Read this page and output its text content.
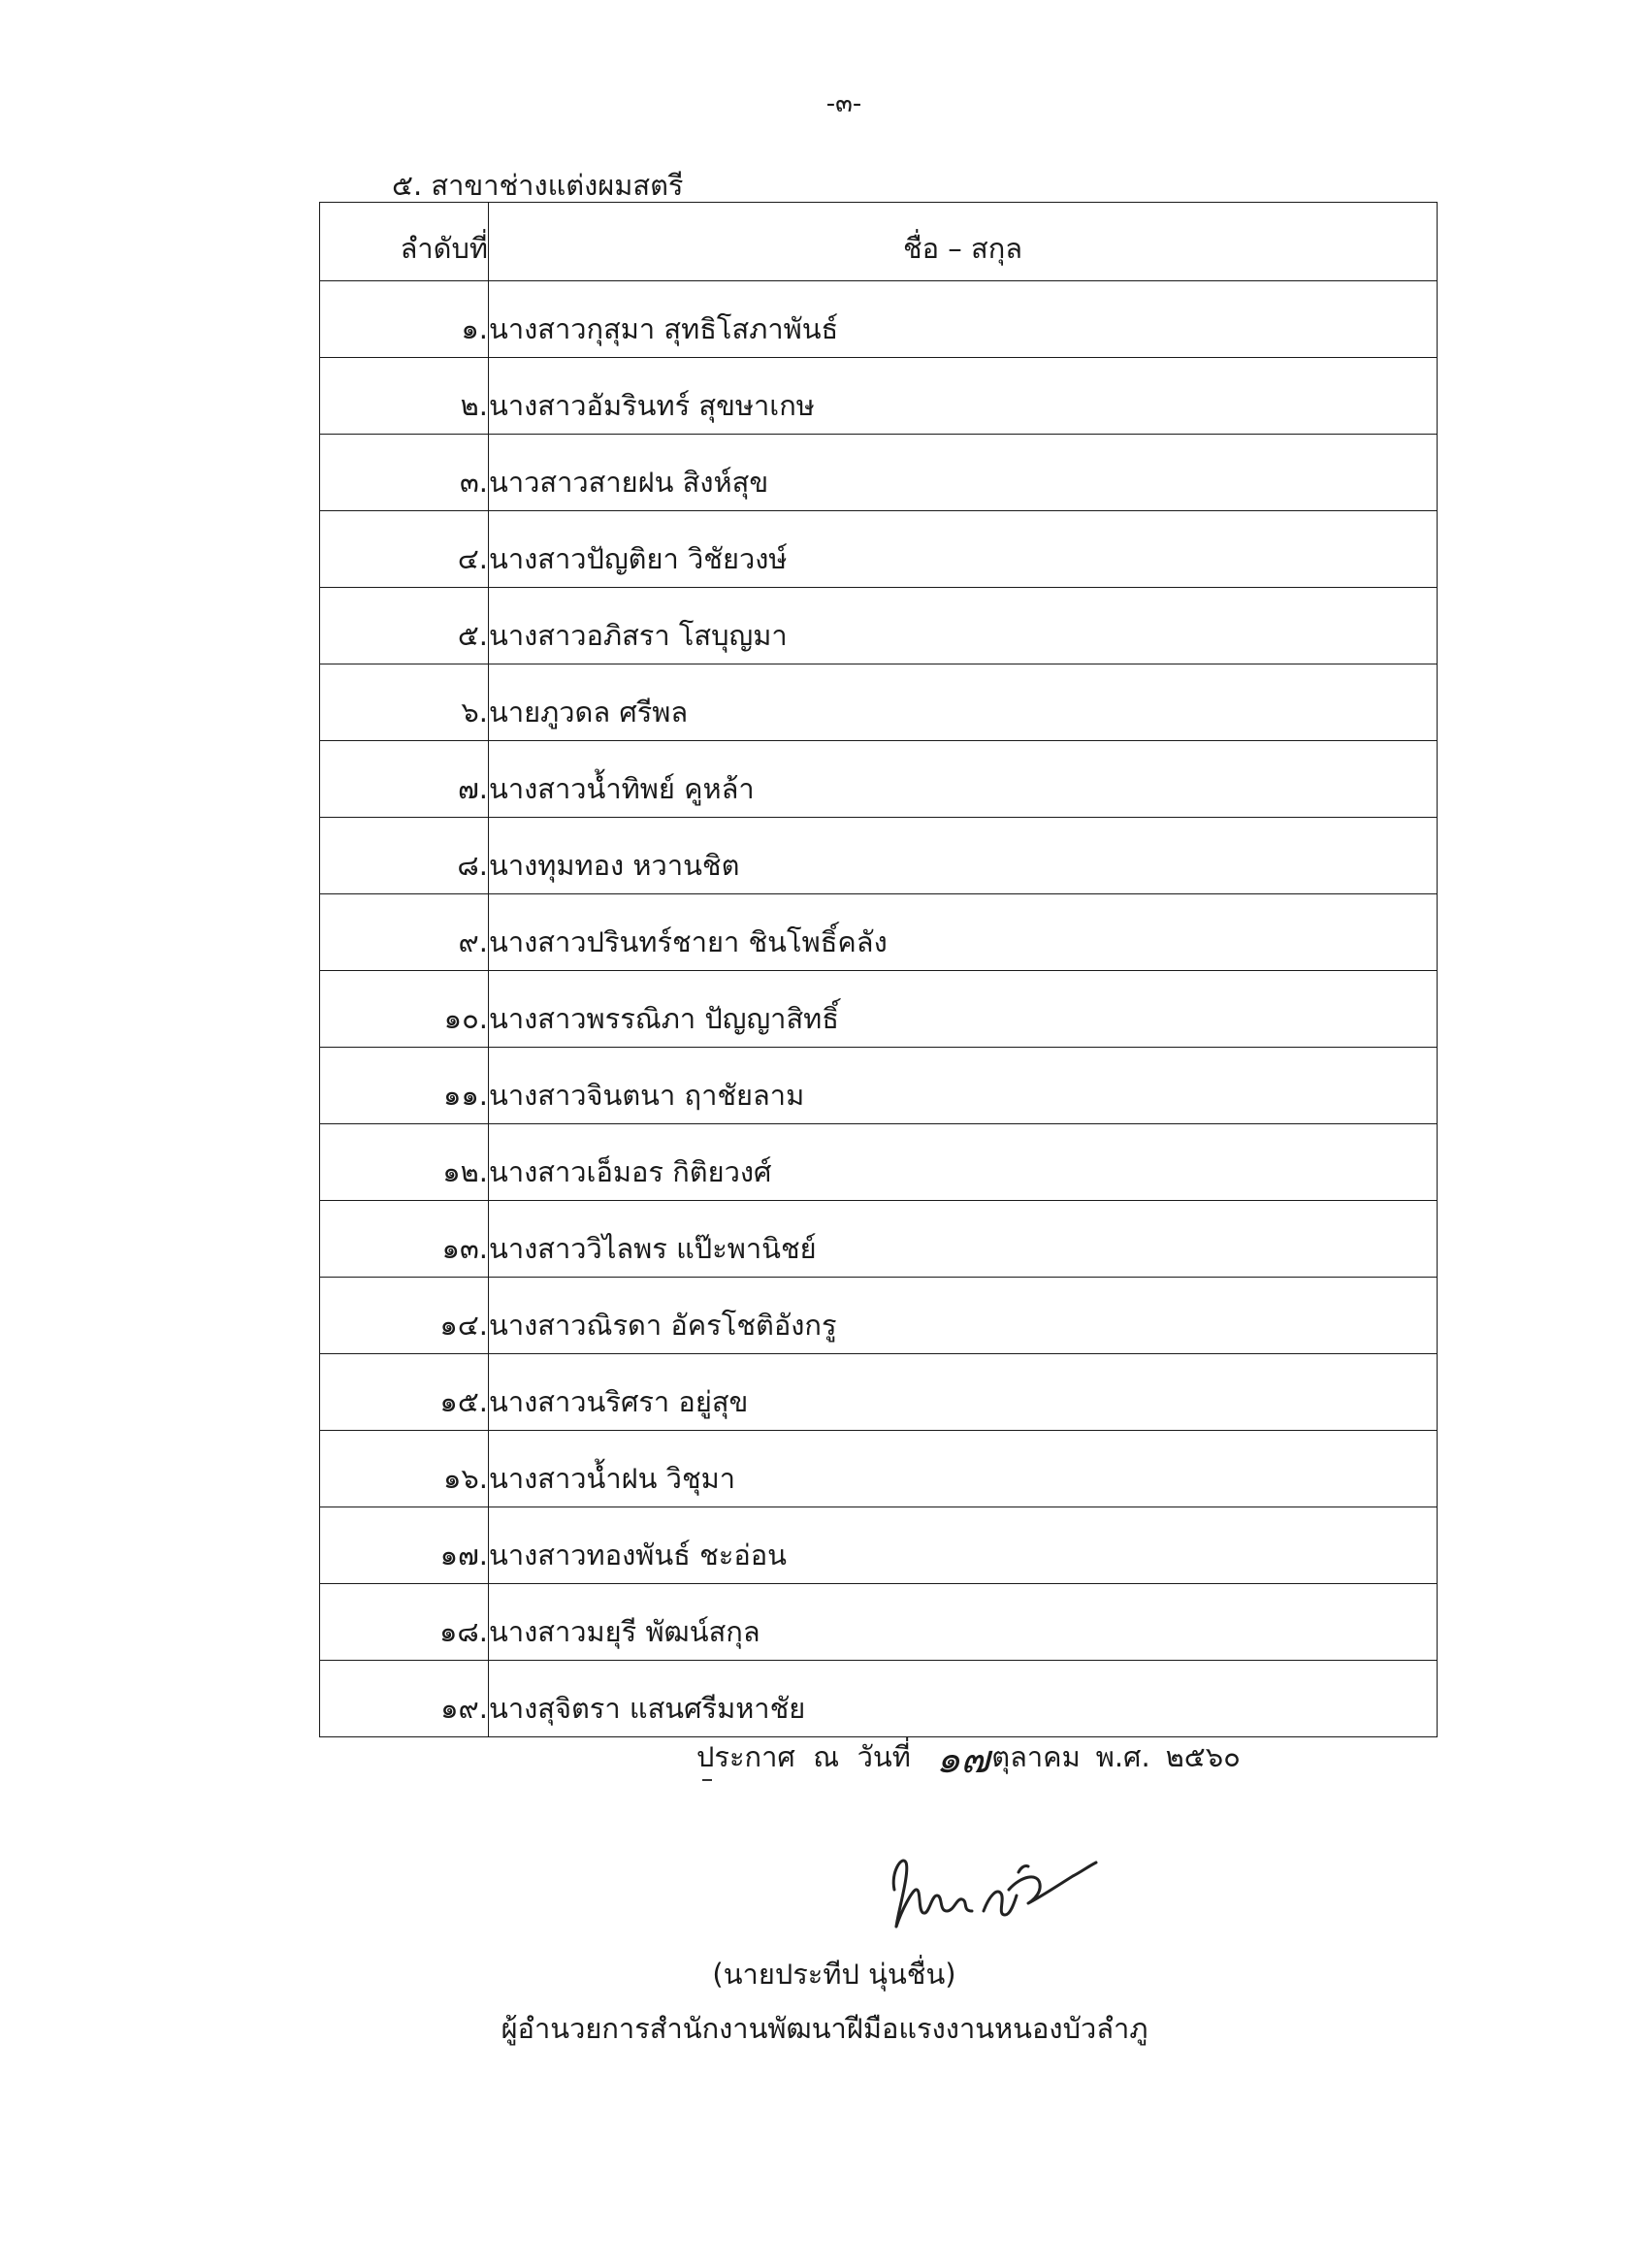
-๓-
๕. สาขาช่างแต่งผมสตรี
ลำดับที่	ชื่อ – สกุล
๑.	นางสาวกุสุมา สุทธิโสภาพันธ์
๒.	นางสาวอัมรินทร์ สุขษาเกษ
๓.	นาวสาวสายฝน สิงห์สุข
๔.	นางสาวปัญติยา วิชัยวงษ์
๕.	นางสาวอภิสรา โสบุญมา
๖.	นายภูวดล ศรีพล
๗.	นางสาวน้ำทิพย์ คูหล้า
๘.	นางทุมทอง หวานชิต
๙.	นางสาวปรินทร์ชายา ชินโพธิ์คลัง
๑๐.	นางสาวพรรณิภา ปัญญาสิทธิ์
๑๑.	นางสาวจินตนา ฤาชัยลาม
๑๒.	นางสาวเอ็มอร กิติยวงศ์
๑๓.	นางสาววิไลพร แป๊ะพานิชย์
๑๔.	นางสาวณิรดา อัครโชติอังกรู
๑๕.	นางสาวนริศรา อยู่สุข
๑๖.	นางสาวน้ำฝน วิชุมา
๑๗.	นางสาวทองพันธ์ ชะอ่อน
๑๘.	นางสาวมยุรี พัฒน์สกุล
๑๙.	นางสุจิตรา แสนศรีมหาชัย
ประกาศ  ณ  วันที่ ๑๗ ตุลาคม พ.ศ. ๒๕๖๐
(นายประทีป นุ่นชื่น)
ผู้อำนวยการสำนักงานพัฒนาฝีมือแรงงานหนองบัวลำภู
